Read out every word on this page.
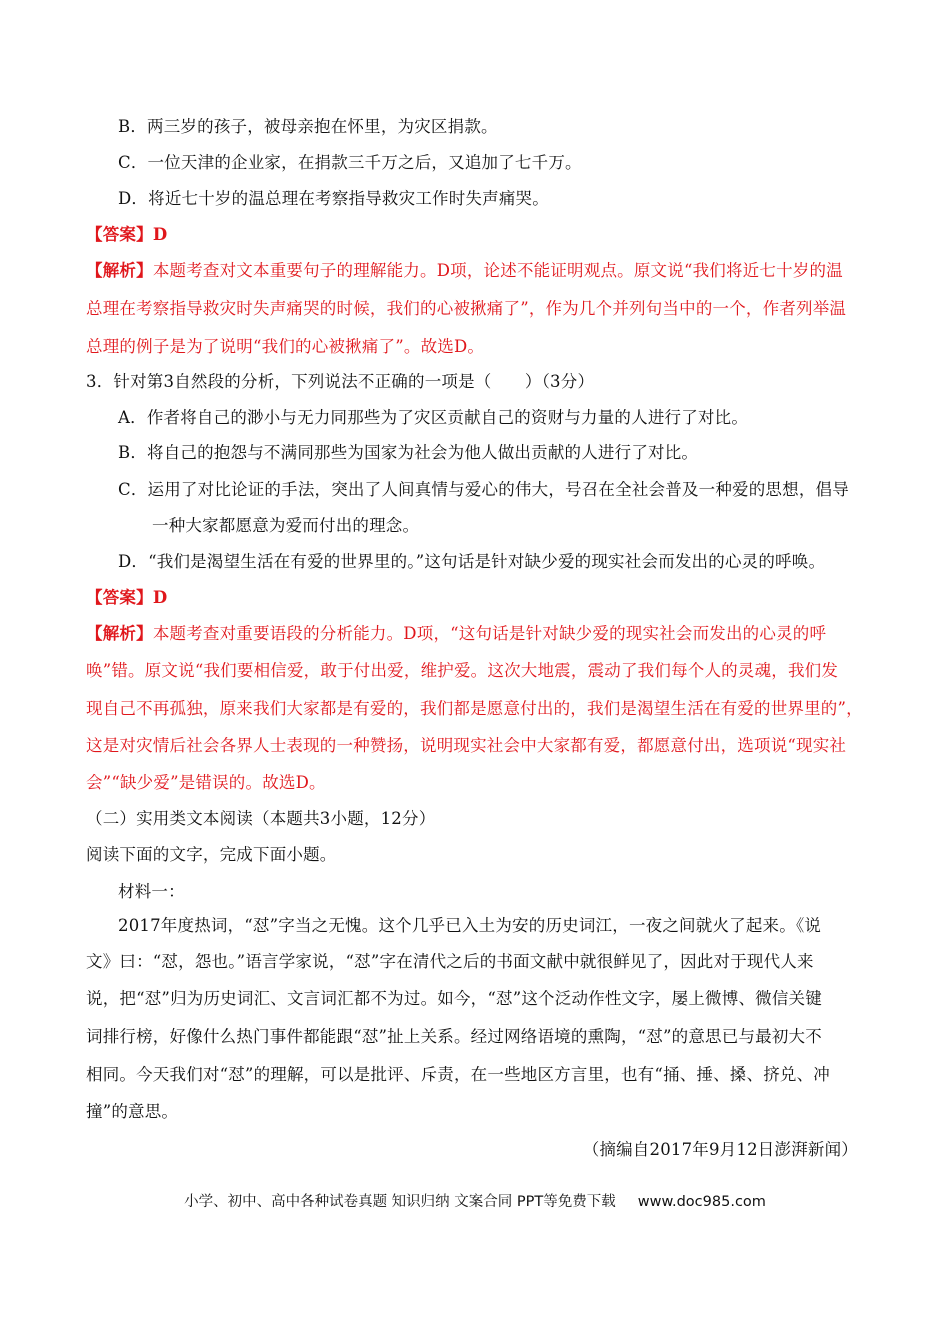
B．两三岁的孩子，被母亲抱在怀里，为灾区捐款。
C．一位天津的企业家，在捐款三千万之后，又追加了七千万。
D．将近七十岁的温总理在考察指导救灾工作时失声痛哭。
【答案】D
【解析】本题考查对文本重要句子的理解能力。D项，论述不能证明观点。原文说“我们将近七十岁的温
总理在考察指导救灾时失声痛哭的时候，我们的心被揪痛了”，作为几个并列句当中的一个，作者列举温
总理的例子是为了说明“我们的心被揪痛了”。故选D。
3．针对第3自然段的分析，下列说法不正确的一项是（　　）（3分）
A．作者将自己的渺小与无力同那些为了灾区贡献自己的资财与力量的人进行了对比。
B．将自己的抱怨与不满同那些为国家为社会为他人做出贡献的人进行了对比。
C．运用了对比论证的手法，突出了人间真情与爱心的伟大，号召在全社会普及一种爱的思想，倡导
一种大家都愿意为爱而付出的理念。
D．“我们是渴望生活在有爱的世界里的。”这句话是针对缺少爱的现实社会而发出的心灵的呼唤。
【答案】D
【解析】本题考查对重要语段的分析能力。D项，“这句话是针对缺少爱的现实社会而发出的心灵的呼
唤”错。原文说“我们要相信爱，敢于付出爱，维护爱。这次大地震，震动了我们每个人的灵魂，我们发
现自己不再孤独，原来我们大家都是有爱的，我们都是愿意付出的，我们是渴望生活在有爱的世界里的”，
这是对灾情后社会各界人士表现的一种赞扬，说明现实社会中大家都有爱，都愿意付出，选项说“现实社
会”“缺少爱”是错误的。故选D。
（二）实用类文本阅读（本题共3小题，12分）
阅读下面的文字，完成下面小题。
材料一：
2017年度热词，“怼”字当之无愧。这个几乎已入土为安的历史词江，一夜之间就火了起来。《说
文》曰：“怼，怨也。”语言学家说，“怼”字在清代之后的书面文献中就很鲜见了，因此对于现代人来
说，把“怼”归为历史词汇、文言词汇都不为过。如今，“怼”这个泛动作性文字，屡上微博、微信关键
词排行榜，好像什么热门事件都能跟“怼”扯上关系。经过网络语境的熏陶，“怼”的意思已与最初大不
相同。今天我们对“怼”的理解，可以是批评、斥责，在一些地区方言里，也有“捅、捶、搡、挤兑、冲
撞”的意思。
（摘编自2017年9月12日澎湃新闻）
小学、初中、高中各种试卷真题 知识归纳 文案合同 PPT等免费下载 www.doc985.com
